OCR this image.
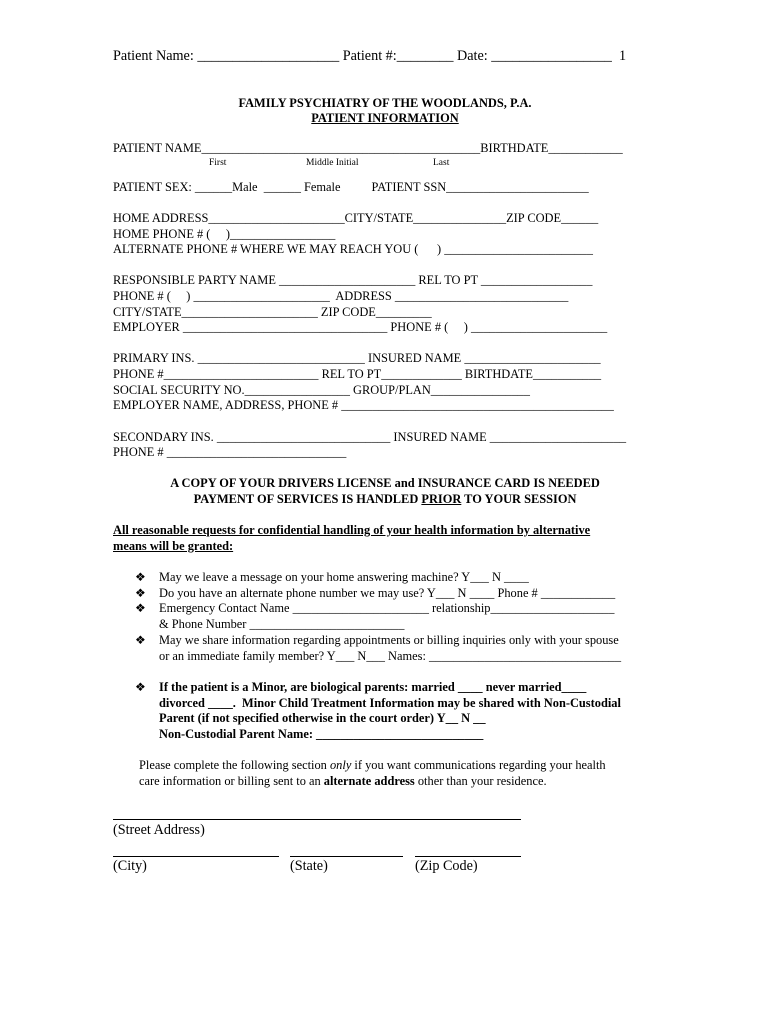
Patient Name: ____________________ Patient #:________ Date: _________________  1
FAMILY PSYCHIATRY OF THE WOODLANDS, P.A.
PATIENT INFORMATION
PATIENT NAME_____________________________________________BIRTHDATE____________
First	Middle Initial	Last
PATIENT SEX: ______Male  ______ Female          PATIENT SSN_______________________
HOME ADDRESS______________________CITY/STATE_______________ZIP CODE______
HOME PHONE # (     )_________________
ALTERNATE PHONE # WHERE WE MAY REACH YOU (      ) ________________________
RESPONSIBLE PARTY NAME ______________________ REL TO PT __________________
PHONE # (     ) ______________________  ADDRESS ____________________________
CITY/STATE______________________ ZIP CODE_________
EMPLOYER _________________________________ PHONE # (     ) ______________________
PRIMARY INS. ___________________________ INSURED NAME ______________________
PHONE #_________________________ REL TO PT_____________ BIRTHDATE___________
SOCIAL SECURITY NO._________________ GROUP/PLAN________________
EMPLOYER NAME, ADDRESS, PHONE # ____________________________________________
SECONDARY INS. ____________________________ INSURED NAME ______________________
PHONE # _____________________________
A COPY OF YOUR DRIVERS LICENSE and INSURANCE CARD IS NEEDED
PAYMENT OF SERVICES IS HANDLED PRIOR TO YOUR SESSION
All reasonable requests for confidential handling of your health information by alternative
means will be granted:
❖ May we leave a message on your home answering machine? Y___ N ____
❖ Do you have an alternate phone number we may use? Y___ N ____ Phone # ____________
❖ Emergency Contact Name ______________________ relationship____________________
& Phone Number _________________________
❖ May we share information regarding appointments or billing inquiries only with your spouse
or an immediate family member? Y___ N___ Names: _______________________________
❖ If the patient is a Minor, are biological parents: married ____ never married____
divorced ____.  Minor Child Treatment Information may be shared with Non-Custodial
Parent (if not specified otherwise in the court order) Y__ N __
Non-Custodial Parent Name: ___________________________
Please complete the following section only if you want communications regarding your health
care information or billing sent to an alternate address other than your residence.
(Street Address)
(City)	(State)	(Zip Code)
